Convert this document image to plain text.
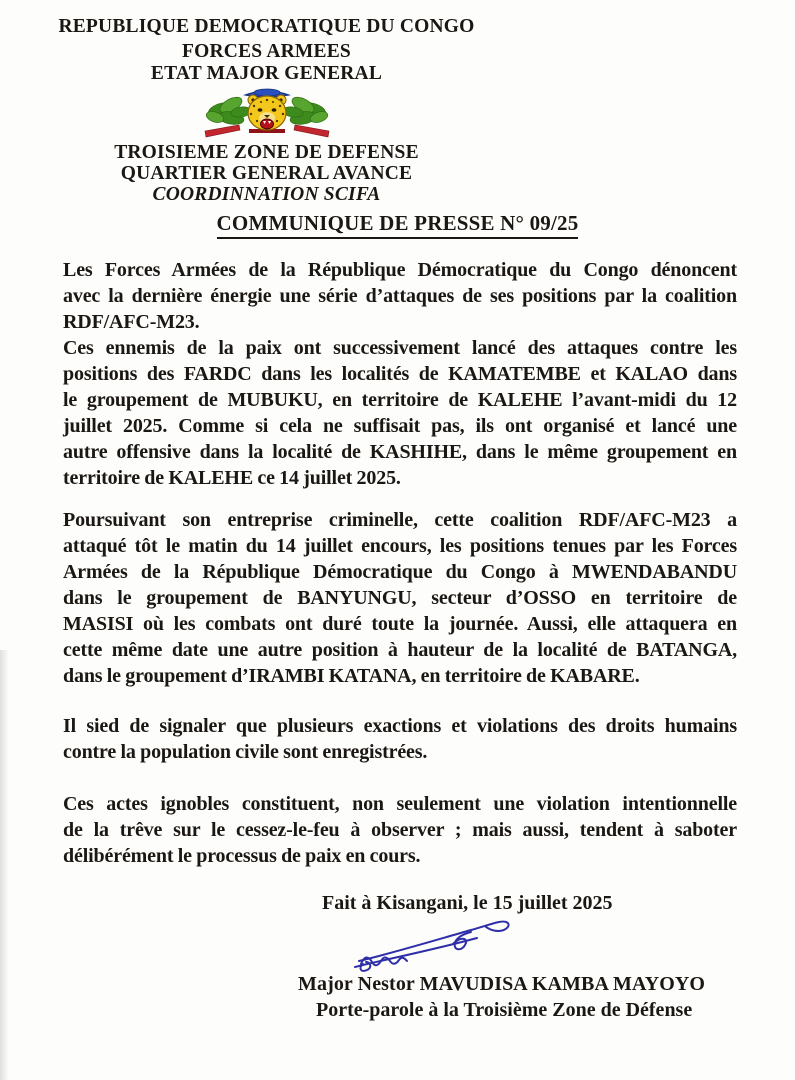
REPUBLIQUE DEMOCRATIQUE DU CONGO
FORCES ARMEES
ETAT MAJOR GENERAL
TROISIEME ZONE DE DEFENSE
QUARTIER GENERAL AVANCE
COORDINNATION SCIFA
COMMUNIQUE DE PRESSE N° 09/25

Les Forces Armées de la République Démocratique du Congo dénoncent
avec la dernière énergie une série d’attaques de ses positions par la coalition
RDF/AFC-M23.

Ces ennemis de la paix ont successivement lancé des attaques contre les
positions des FARDC dans les localités de KAMATEMBE et KALAO dans
le groupement de MUBUKU, en territoire de KALEHE l’avant-midi du 12
juillet 2025. Comme si cela ne suffisait pas, ils ont organisé et lancé une
autre offensive dans la localité de KASHIHE, dans le même groupement en
territoire de KALEHE ce 14 juillet 2025.

Poursuivant son entreprise criminelle, cette coalition RDF/AFC-M23 a
attaqué tôt le matin du 14 juillet encours, les positions tenues par les Forces
Armées de la République Démocratique du Congo à MWENDABANDU
dans le groupement de BANYUNGU, secteur d’OSSO en territoire de
MASISI où les combats ont duré toute la journée. Aussi, elle attaquera en
cette même date une autre position à hauteur de la localité de BATANGA,
dans le groupement d’IRAMBI KATANA, en territoire de KABARE.

Il sied de signaler que plusieurs exactions et violations des droits humains
contre la population civile sont enregistrées.

Ces actes ignobles constituent, non seulement une violation intentionnelle
de la trêve sur le cessez-le-feu à observer ; mais aussi, tendent à saboter
délibérément le processus de paix en cours.

Fait à Kisangani, le 15 juillet 2025
Major Nestor MAVUDISA KAMBA MAYOYO
Porte-parole à la Troisième Zone de Défense
